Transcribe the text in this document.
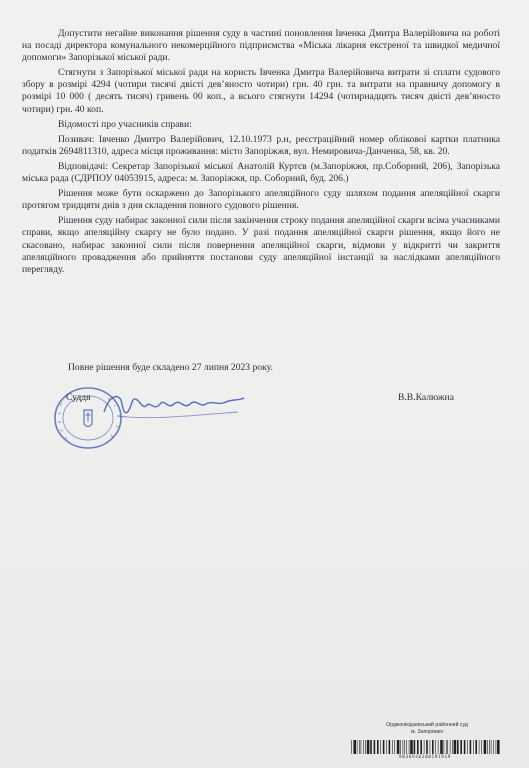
Допустити негайне виконання рішення суду в частині поновлення Івченка Дмитра Валерійовича на роботі на посаді директора комунального некомерційного підприємства «Міська лікарня екстреної та швидкої медичної допомоги» Запорізької міської ради.

Стягнути з Запорізької міської ради на користь Івченка Дмитра Валерійовича витрати зі сплати судового збору в розмірі 4294 (чотири тисячі двісті дев’яносто чотири) грн. 40 грн. та витрати на правничу допомогу в розмірі 10 000 ( десять тисяч) гривень 00 коп., а всього стягнути 14294 (чотирнадцять тисяч двісті дев’яносто чотири) грн. 40 коп.

Відомості про учасників справи:

Позивач: Івченко Дмитро Валерійович, 12.10.1973 р.н, реєстраційний номер облікової картки платника податків 2694811310, адреса місця проживання: місто Запоріжжя, вул. Немировича-Данченка, 58, кв. 20.

Відповідачі: Секретар Запорізької міської Анатолій Куртєв (м.Запоріжжя, пр.Соборний, 206), Запорізька міська рада (СДРПОУ 04053915, адреса: м. Запоріжжя, пр. Соборний, буд. 206.)

Рішення може бути оскаржено до Запорізького апеляційного суду шляхом подання апеляційної скарги протягом тридцяти днів з дня складення повного судового рішення.

Рішення суду набирає законної сили після закінчення строку подання апеляційної скарги всіма учасниками справи, якщо апеляційну скаргу не було подано. У разі подання апеляційної скарги рішення, якщо його не скасовано, набирає законної сили після повернення апеляційної скарги, відмови у відкритті чи закриття апеляційного провадження або прийняття постанови суду апеляційної інстанції за наслідками апеляційного перегляду.

Повне рішення буде складено 27 липня 2023 року.
Суддя	В.В.Калюжна
Орджонікідзевський районний суд
м. Запоріжжя
9836936200191919
